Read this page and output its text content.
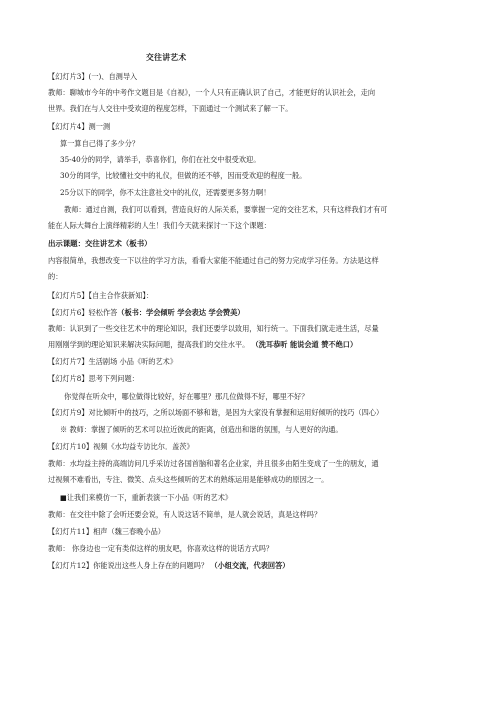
交往讲艺术
【幻灯片3】(一)、自测导入
教师：聊城市今年的中考作文题目是《自视》，一个人只有正确认识了自己，才能更好的认识社会，走向
世界。我们在与人交往中受欢迎的程度怎样，下面通过一个测试来了解一下。
【幻灯片4】测一测
算一算自己得了多少分？
35-40分的同学，请举手，恭喜你们，你们在社交中很受欢迎。
30分的同学，比较懂社交中的礼仪，但做的还不够，因而受欢迎的程度一般。
25分以下的同学，你不太注意社交中的礼仪，还需要更多努力啊！
教师：通过自测，我们可以看到，营造良好的人际关系，要掌握一定的交往艺术，只有这样我们才有可
能在人际大舞台上演绎精彩的人生！我们今天就来探讨一下这个课题：
出示课题：交往讲艺术（板书）
内容很简单，我想改变一下以往的学习方法，看看大家能不能通过自己的努力完成学习任务。方法是这样
的：
【幻灯片5】【自主合作获新知】：
【幻灯片6】轻松作答（板书：学会倾听 学会表达 学会赞美）
教师：认识到了一些交往艺术中的理论知识，我们还要学以致用，知行统一。下面我们就走进生活，尽量
用刚刚学到的理论知识来解决实际问题，提高我们的交往水平。 （洗耳恭听 能说会道 赞不绝口）
【幻灯片7】生活剧场 小品《听的艺术》
【幻灯片8】思考下列问题：
你觉得在听众中，哪位做得比较好，好在哪里？那几位做得不好，哪里不好？
【幻灯片9】对比倾听中的技巧，之所以场面不够和谐，是因为大家没有掌握和运用好倾听的技巧（四心）
※ 教师：掌握了倾听的艺术可以拉近彼此的距离，创造出和谐的氛围，与人更好的沟通。
【幻灯片10】视频《水均益专访比尔．盖茨》
教师：水均益主持的高端访问几乎采访过各国首脑和著名企业家，并且很多由陌生变成了一生的朋友，通
过视频不难看出，专注、微笑、点头这些倾听的艺术的熟练运用是能够成功的原因之一。
■让我们来模仿一下，重新表演一下小品《听的艺术》
教师：在交往中除了会听还要会说，有人说这话不简单，是人就会说话，真是这样吗？
【幻灯片11】相声（魏三春晚小品）
教师： 你身边也一定有类似这样的朋友吧，你喜欢这样的说话方式吗？
【幻灯片12】你能说出这些人身上存在的问题吗？ （小组交流，代表回答）
